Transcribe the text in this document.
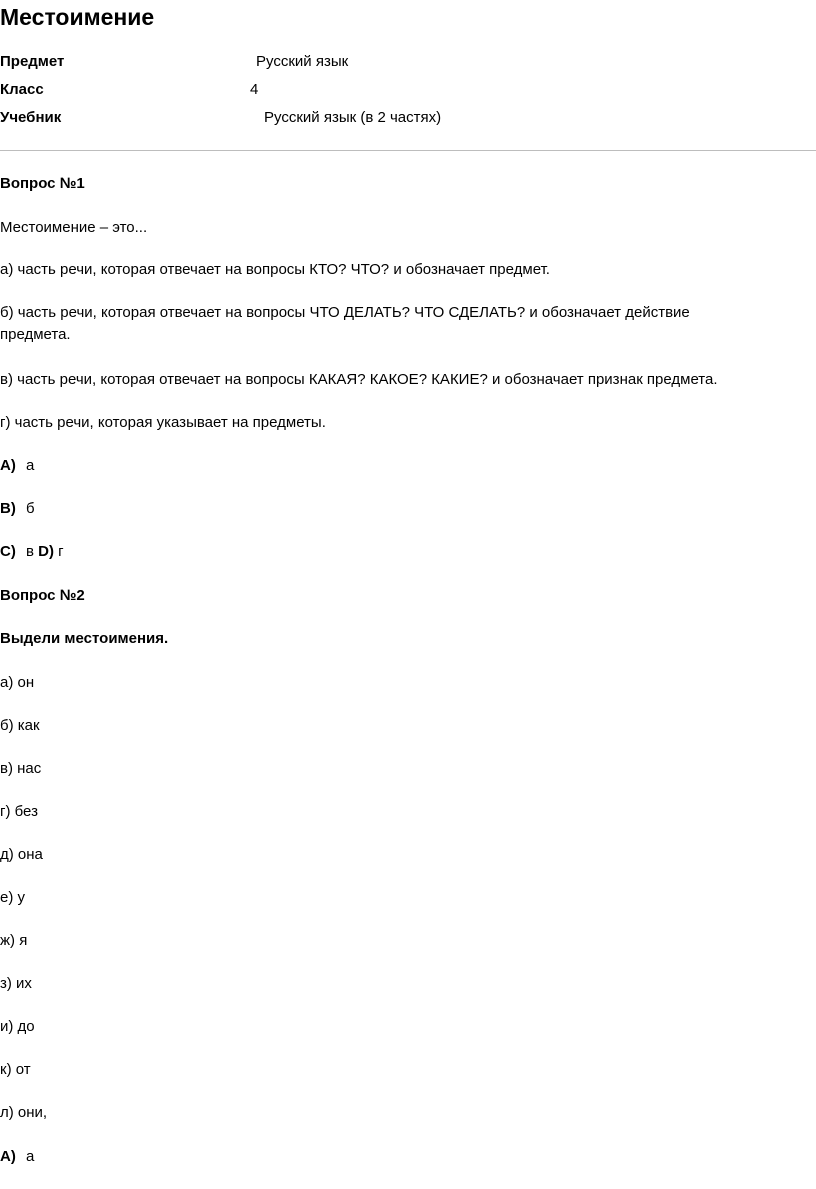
Местоимение
Предмет	Русский язык
Класс	4
Учебник	Русский язык (в 2 частях)
Вопрос №1
Местоимение – это...
а) часть речи, которая отвечает на вопросы КТО? ЧТО? и обозначает предмет.
б) часть речи, которая отвечает на вопросы ЧТО ДЕЛАТЬ? ЧТО СДЕЛАТЬ? и обозначает действие предмета.
в) часть речи, которая отвечает на вопросы КАКАЯ? КАКОЕ? КАКИЕ? и обозначает признак предмета.
г) часть речи, которая указывает на предметы.
A) а
B) б
C) в D) г
Вопрос №2
Выдели местоимения.
а) он
б) как
в) нас
г) без
д) она
е) у
ж) я
з) их
и) до
к) от
л) они,
A) а
